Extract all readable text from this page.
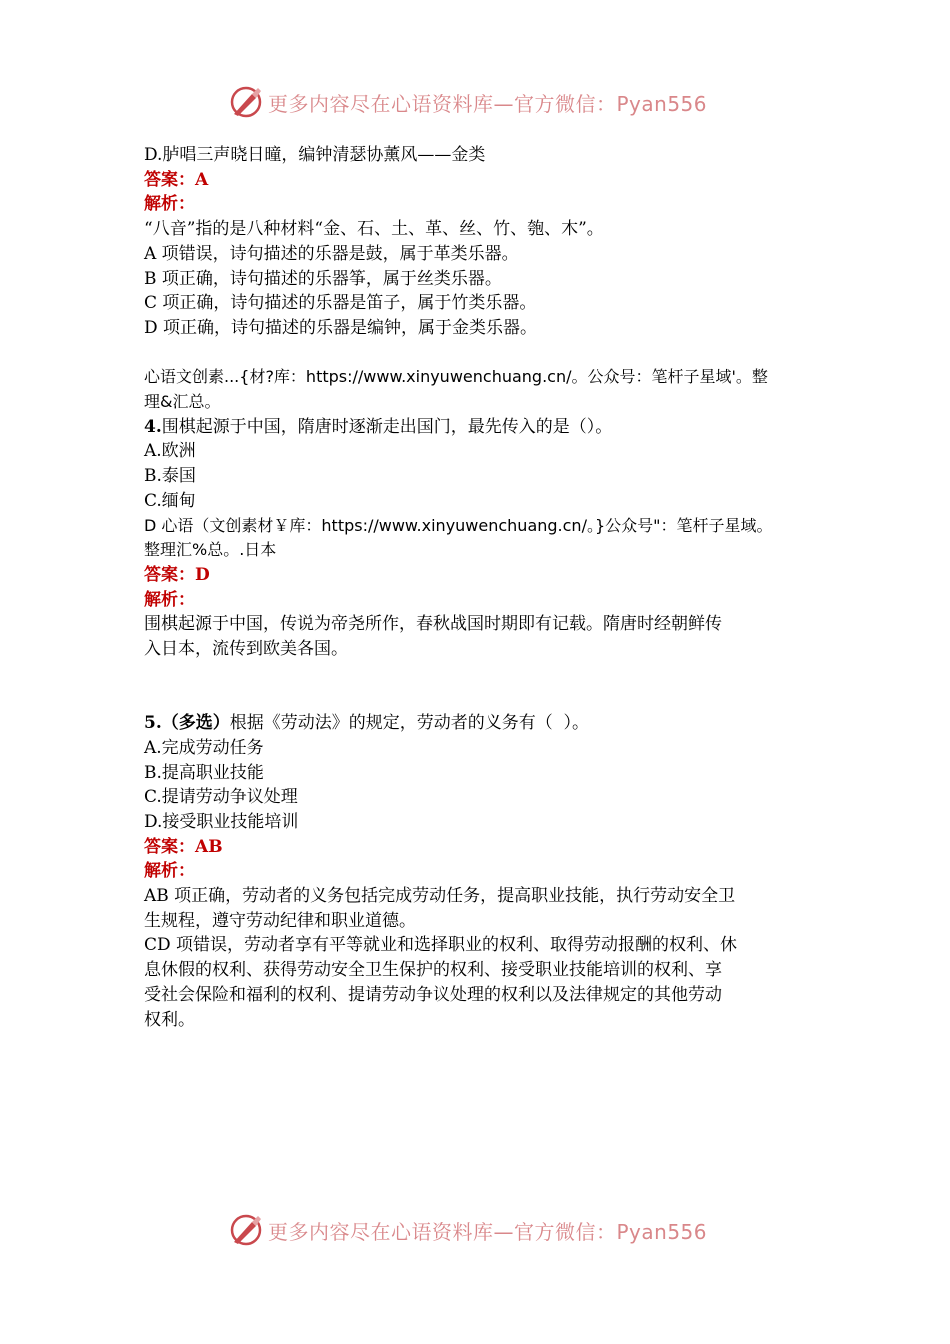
更多内容尽在心语资料库—官方微信：Pyan556
D.胪唱三声晓日曈，编钟清瑟协薰风——金类
答案：A
解析：
“八音”指的是八种材料“金、石、土、革、丝、竹、匏、木”。
A 项错误，诗句描述的乐器是鼓，属于革类乐器。
B 项正确，诗句描述的乐器筝，属于丝类乐器。
C 项正确，诗句描述的乐器是笛子，属于竹类乐器。
D 项正确，诗句描述的乐器是编钟，属于金类乐器。
心语文创素...{材?库：https://www.xinyuwenchuang.cn/。公众号：笔杆子星域'。整
理&汇总。
4.围棋起源于中国，隋唐时逐渐走出国门，最先传入的是（）。
A.欧洲
B.泰国
C.缅甸
D 心语（文创素材￥库：https://www.xinyuwenchuang.cn/。}公众号"：笔杆子星域。
整理汇%总。.日本
答案：D
解析：
围棋起源于中国，传说为帝尧所作，春秋战国时期即有记载。隋唐时经朝鲜传
入日本，流传到欧美各国。
5.（多选）根据《劳动法》的规定，劳动者的义务有（  ）。
A.完成劳动任务
B.提高职业技能
C.提请劳动争议处理
D.接受职业技能培训
答案：AB
解析：
AB 项正确，劳动者的义务包括完成劳动任务，提高职业技能，执行劳动安全卫
生规程，遵守劳动纪律和职业道德。
CD 项错误，劳动者享有平等就业和选择职业的权利、取得劳动报酬的权利、休
息休假的权利、获得劳动安全卫生保护的权利、接受职业技能培训的权利、享
受社会保险和福利的权利、提请劳动争议处理的权利以及法律规定的其他劳动
权利。
更多内容尽在心语资料库—官方微信：Pyan556
